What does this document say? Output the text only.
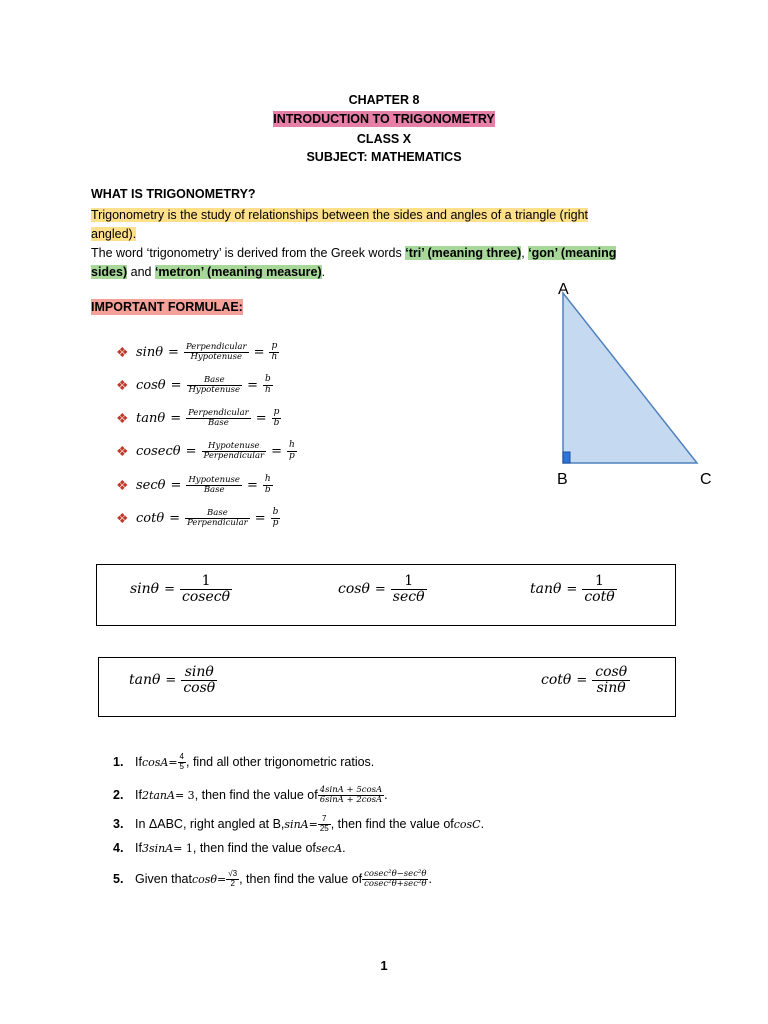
CHAPTER 8
INTRODUCTION TO TRIGONOMETRY
CLASS X
SUBJECT: MATHEMATICS
WHAT IS TRIGONOMETRY?
Trigonometry is the study of relationships between the sides and angles of a triangle (right
angled).
The word ‘trigonometry’ is derived from the Greek words ‘tri’ (meaning three), ‘gon’ (meaning
sides) and ‘metron’ (meaning measure).
IMPORTANT FORMULAE:
❖ $\sin\theta = \frac{\text{Perpendicular}}{\text{Hypotenuse}} = \frac{p}{h}$
❖ $\cos\theta = \frac{\text{Base}}{\text{Hypotenuse}} = \frac{b}{h}$
❖ $\tan\theta = \frac{\text{Perpendicular}}{\text{Base}} = \frac{p}{b}$
❖ $cosec\theta = \frac{\text{Hypotenuse}}{\text{Perpendicular}} = \frac{h}{p}$
❖ $\sec\theta = \frac{\text{Hypotenuse}}{\text{Base}} = \frac{h}{b}$
❖ $\cot\theta = \frac{\text{Base}}{\text{Perpendicular}} = \frac{b}{p}$
A
B	C
$\sin\theta = \frac{1}{cosec\theta}$	$\cos\theta = \frac{1}{\sec\theta}$	$\tan\theta = \frac{1}{\cot\theta}$
$\tan\theta = \frac{\sin\theta}{\cos\theta}$	$\cot\theta = \frac{\cos\theta}{\sin\theta}$
1. If $\cos A = \frac{4}{5}$ , find all other trigonometric ratios.
2. If 2tanA = 3 , then find the value of $\frac{4\sin A + 5\cos A}{6\sin A + 2\cos A}$ .
3. In ΔABC, right angled at B, $\sin A = \frac{7}{25}$ , then find the value of cosC .
4. If 3sinA = 1 , then find the value of secA .
5. Given that $\cos\theta = \frac{√3}{2}$ , then find the value of $\frac{\text{cosec²θ−sec²θ}}{\text{cosec²θ+sec²θ}}$ .
1
